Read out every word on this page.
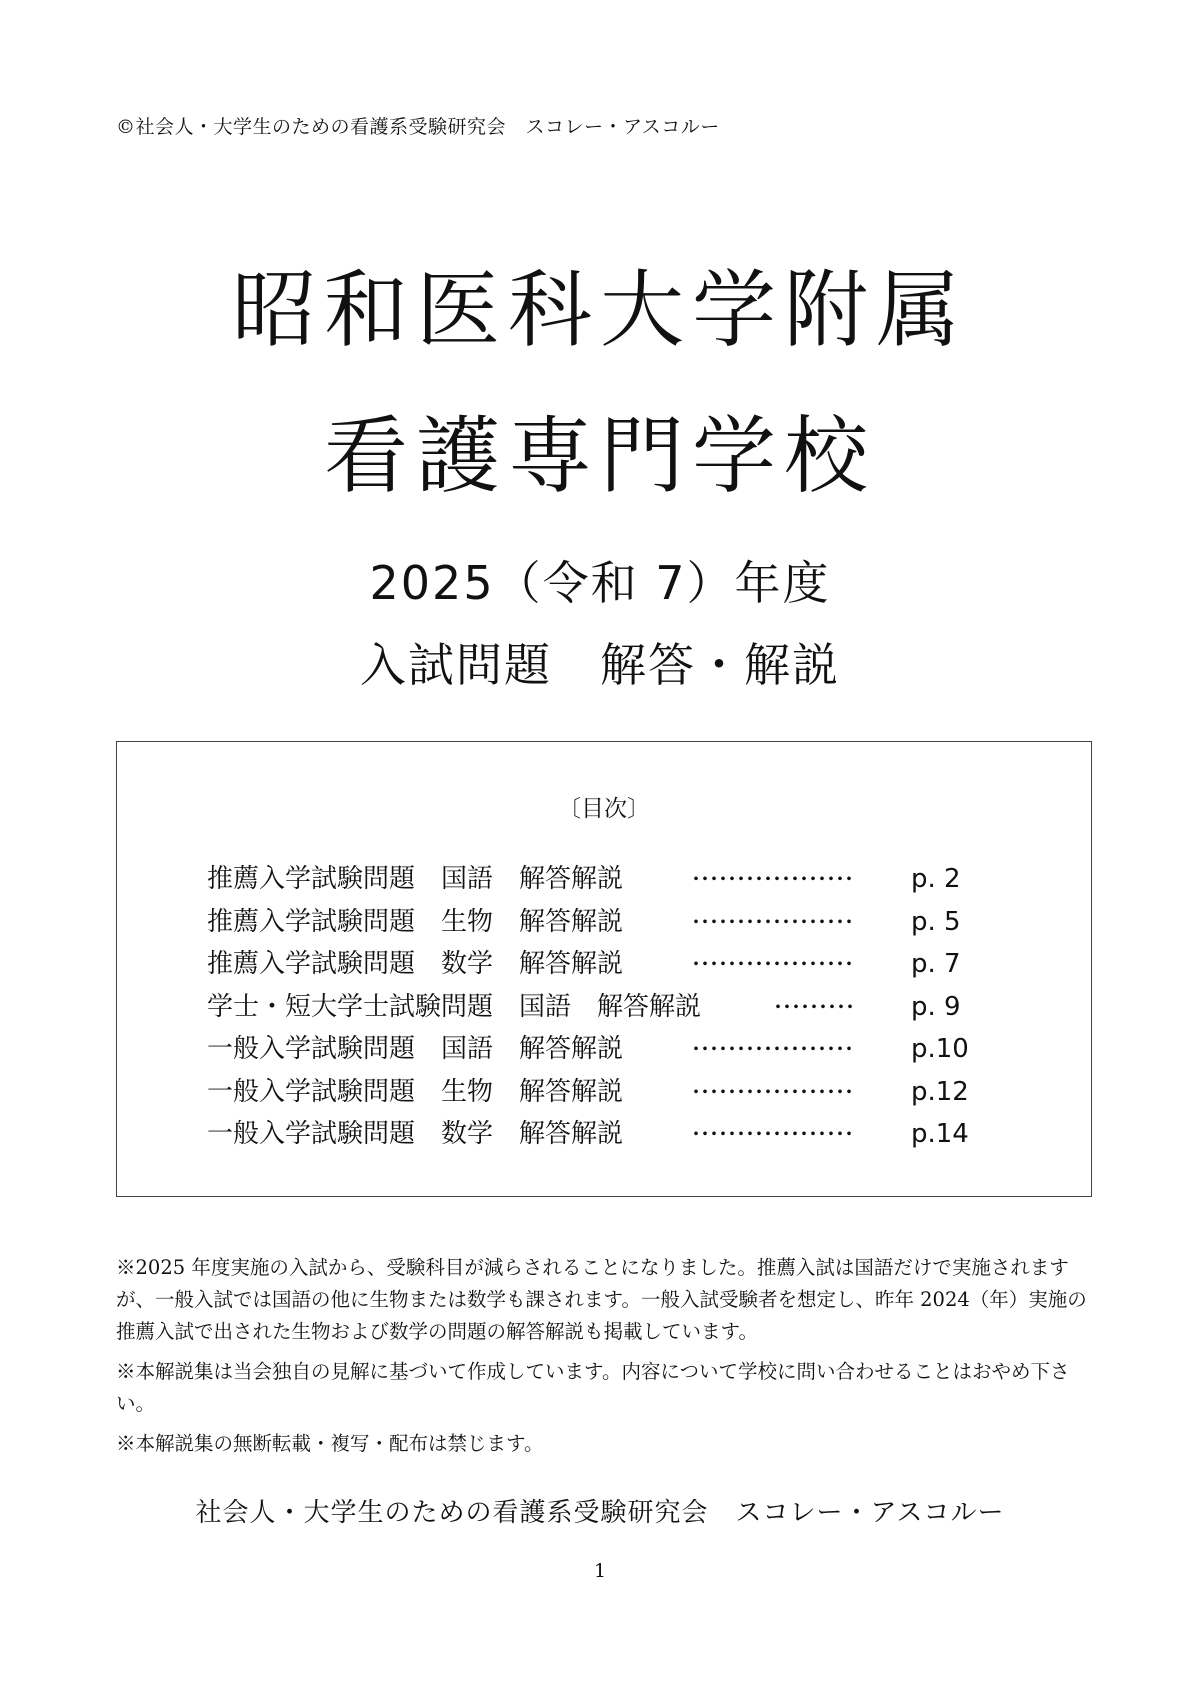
©社会人・大学生のための看護系受験研究会　スコレー・アスコルー
昭和医科大学附属
看護専門学校
2025（令和 7）年度
入試問題　解答・解説
〔目次〕
推薦入学試験問題　国語　解答解説	･･････････････････ p. 2
推薦入学試験問題　生物　解答解説	･･････････････････ p. 5
推薦入学試験問題　数学　解答解説	･･････････････････ p. 7
学士・短大学士試験問題　国語　解答解説	･････････ p. 9
一般入学試験問題　国語　解答解説	･･････････････････ p.10
一般入学試験問題　生物　解答解説	･･････････････････ p.12
一般入学試験問題　数学　解答解説	･･････････････････ p.14

※2025 年度実施の入試から、受験科目が減らされることになりました。推薦入試は国語だけで実施されますが、一般入試では国語の他に生物または数学も課されます。一般入試受験者を想定し、昨年 2024（年）実施の推薦入試で出された生物および数学の問題の解答解説も掲載しています。

※本解説集は当会独自の見解に基づいて作成しています。内容について学校に問い合わせることはおやめ下さい。

※本解説集の無断転載・複写・配布は禁じます。

社会人・大学生のための看護系受験研究会　スコレー・アスコルー
1
